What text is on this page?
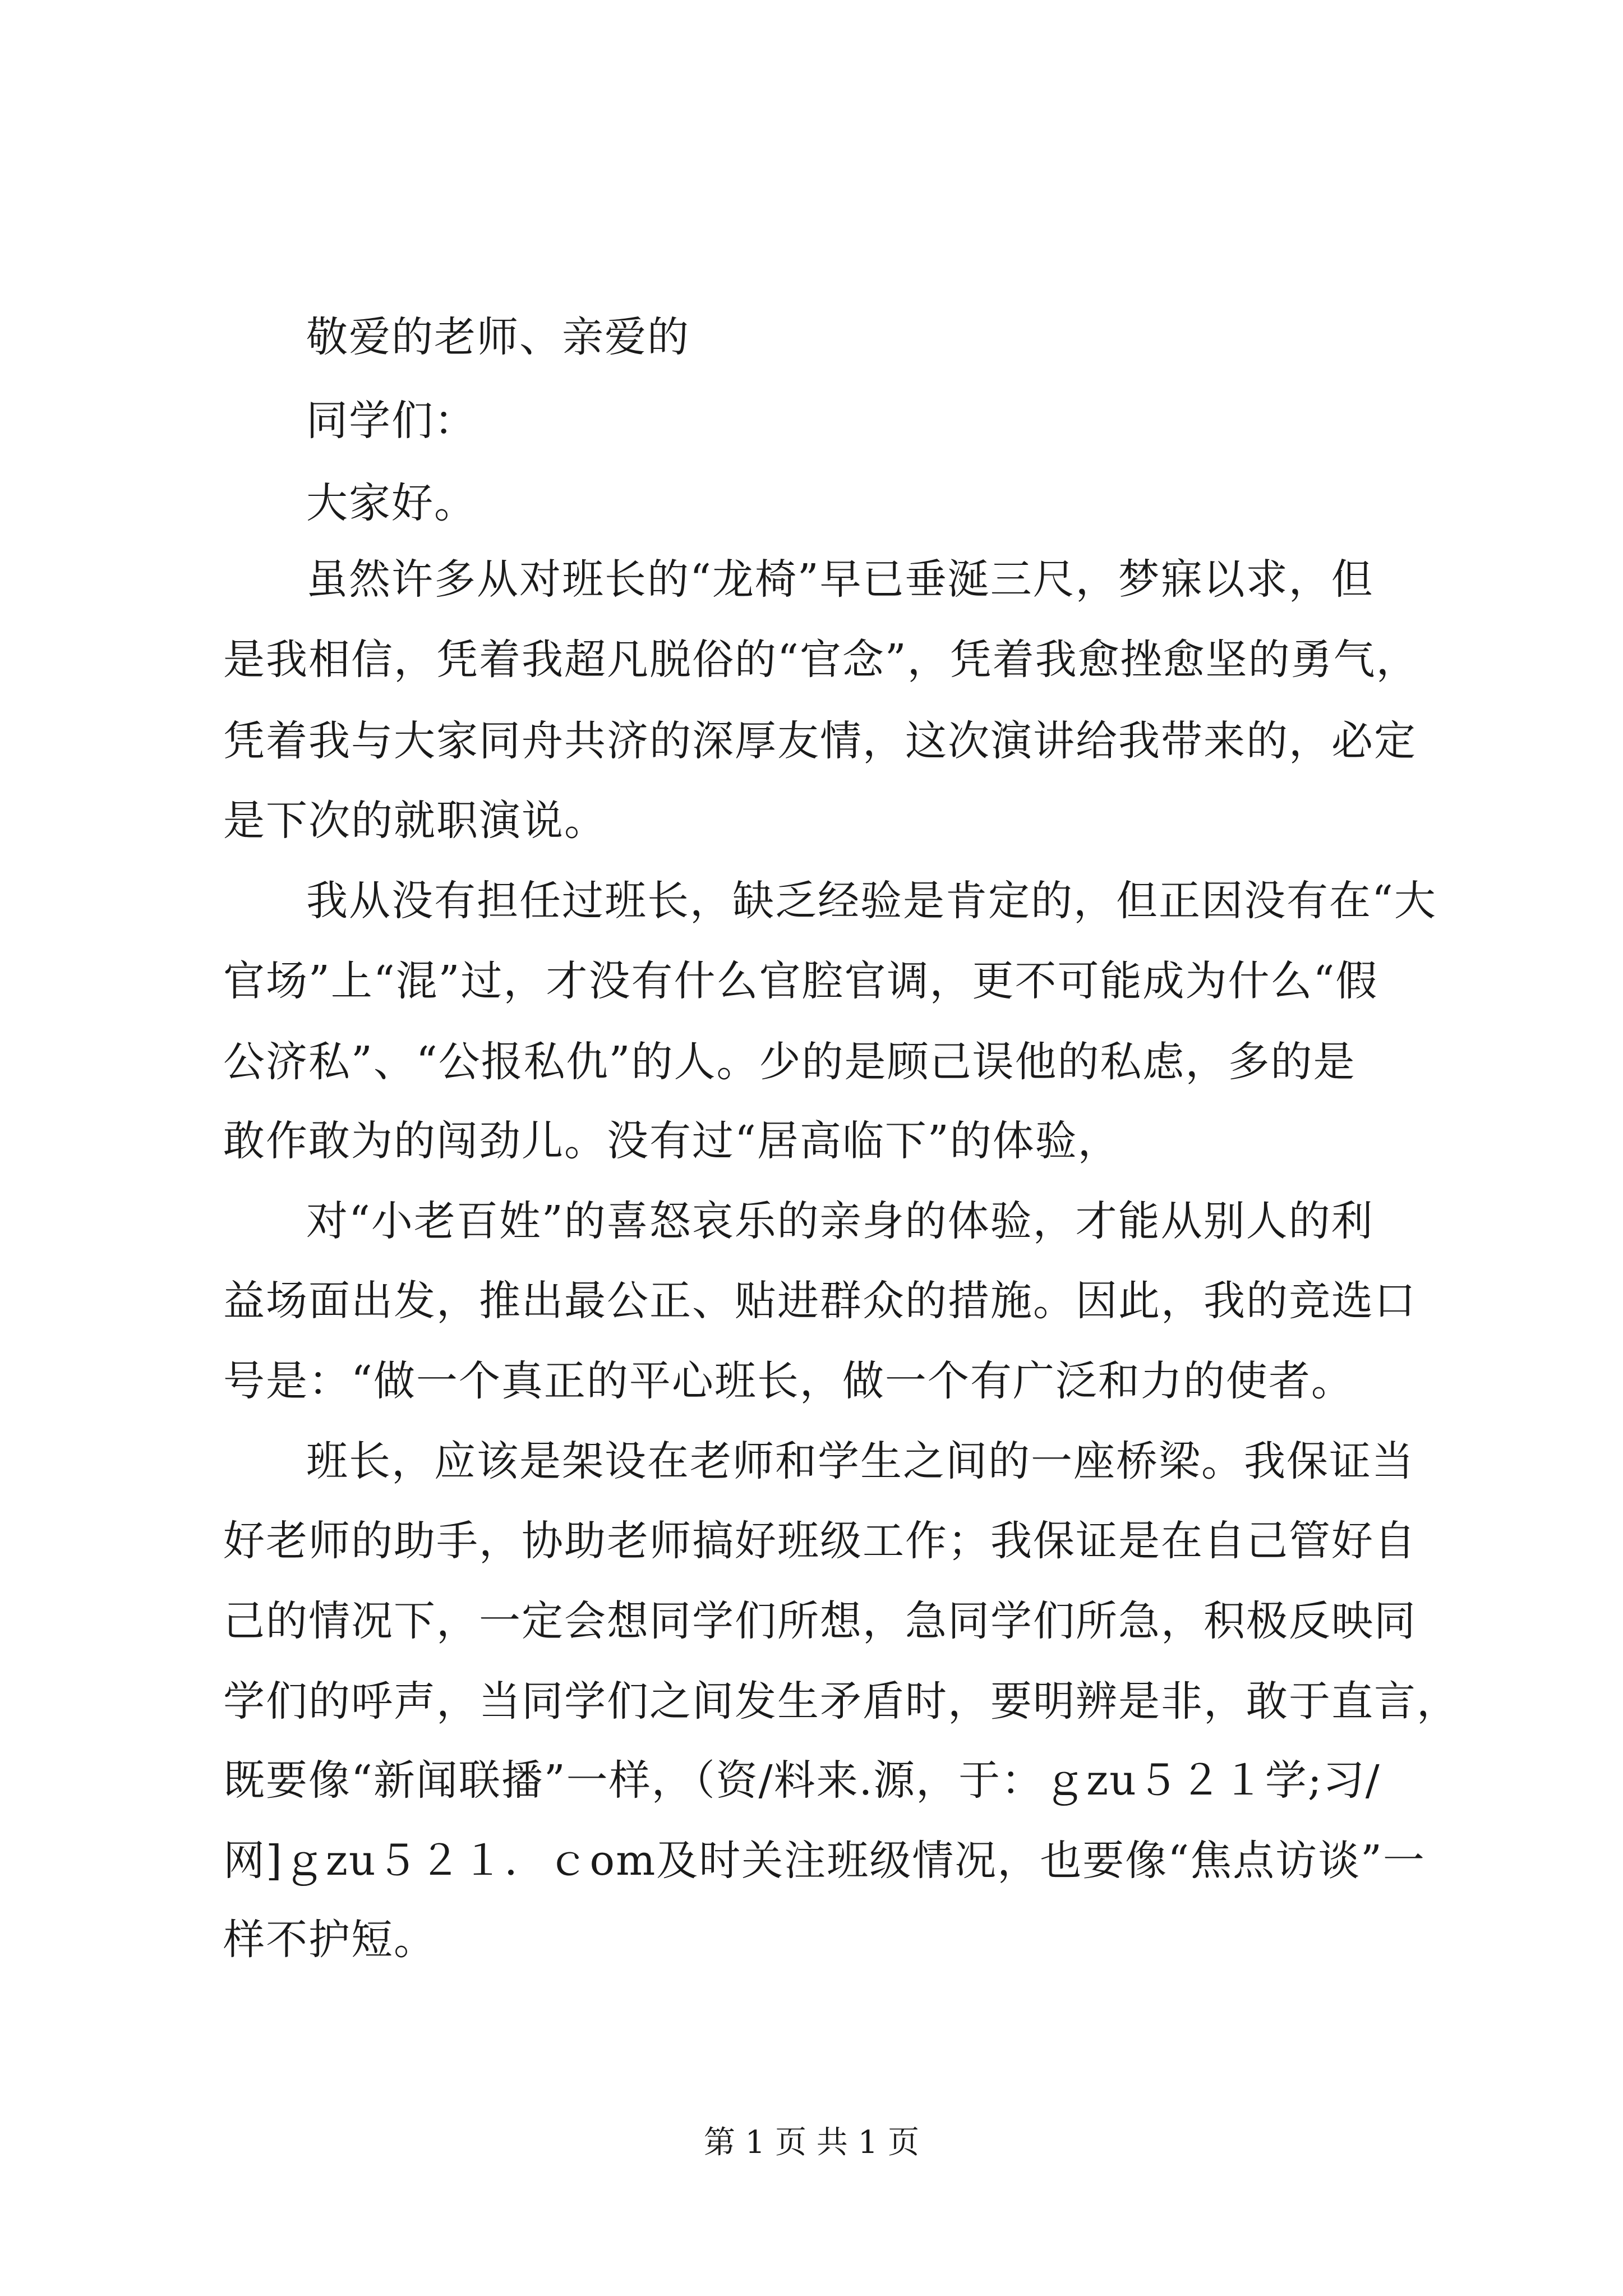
敬爱的老师、亲爱的

同学们：

大家好。

虽然许多从对班长的“龙椅”早已垂涎三尺，梦寐以求，但

是我相信，凭着我超凡脱俗的“官念”，凭着我愈挫愈坚的勇气，

凭着我与大家同舟共济的深厚友情，这次演讲给我带来的，必定

是下次的就职演说。

我从没有担任过班长，缺乏经验是肯定的，但正因没有在“大

官场”上“混”过，才没有什么官腔官调，更不可能成为什么“假

公济私”、“公报私仇”的人。少的是顾己误他的私虑，多的是

敢作敢为的闯劲儿。没有过“居高临下”的体验，

对“小老百姓”的喜怒哀乐的亲身的体验，才能从别人的利

益场面出发，推出最公正、贴进群众的措施。因此，我的竞选口

号是：“做一个真正的平心班长，做一个有广泛和力的使者。

班长，应该是架设在老师和学生之间的一座桥梁。我保证当

好老师的助手，协助老师搞好班级工作；我保证是在自己管好自

己的情况下，一定会想同学们所想，急同学们所急，积极反映同

学们的呼声，当同学们之间发生矛盾时，要明辨是非，敢于直言，

既要像“新闻联播”一样，（资/料来.源，于：ｇzu５２１学;习/

网]ｇzu５２１．ｃom及时关注班级情况，也要像“焦点访谈”一

样不护短。

第 1 页 共 1 页
